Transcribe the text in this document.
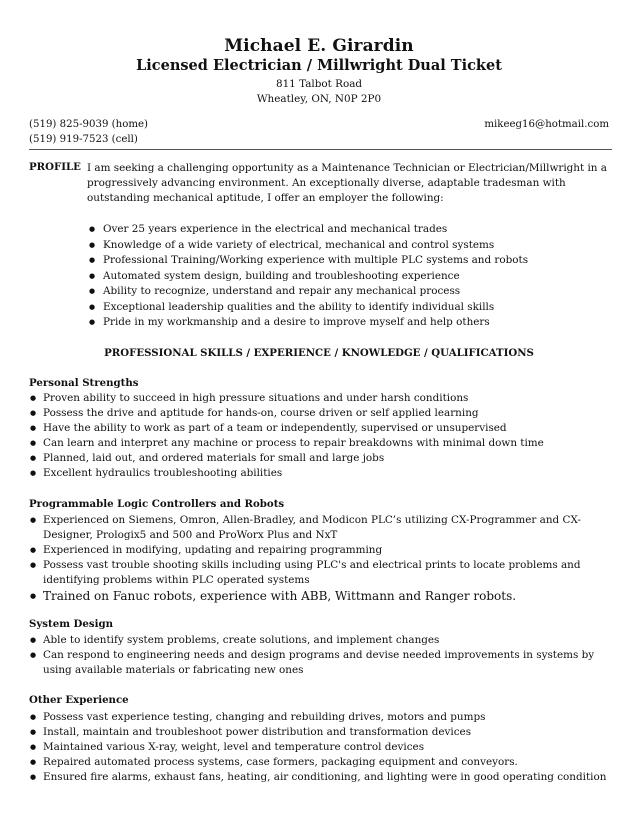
Michael E. Girardin
Licensed Electrician / Millwright Dual Ticket
811 Talbot Road
Wheatley, ON, N0P 2P0
(519) 825-9039 (home)	mikeeg16@hotmail.com
(519) 919-7523 (cell)
PROFILE I am seeking a challenging opportunity as a Maintenance Technician or Electrician/Millwright in a progressively advancing environment. An exceptionally diverse, adaptable tradesman with outstanding mechanical aptitude, I offer an employer the following:
● Over 25 years experience in the electrical and mechanical trades
● Knowledge of a wide variety of electrical, mechanical and control systems
● Professional Training/Working experience with multiple PLC systems and robots
● Automated system design, building and troubleshooting experience
● Ability to recognize, understand and repair any mechanical process
● Exceptional leadership qualities and the ability to identify individual skills
● Pride in my workmanship and a desire to improve myself and help others
PROFESSIONAL SKILLS / EXPERIENCE / KNOWLEDGE / QUALIFICATIONS
Personal Strengths
● Proven ability to succeed in high pressure situations and under harsh conditions
● Possess the drive and aptitude for hands-on, course driven or self applied learning
● Have the ability to work as part of a team or independently, supervised or unsupervised
● Can learn and interpret any machine or process to repair breakdowns with minimal down time
● Planned, laid out, and ordered materials for small and large jobs
● Excellent hydraulics troubleshooting abilities
Programmable Logic Controllers and Robots
● Experienced on Siemens, Omron, Allen-Bradley, and Modicon PLC’s utilizing CX-Programmer and CX-Designer, Prologix5 and 500 and ProWorx Plus and NxT
● Experienced in modifying, updating and repairing programming
● Possess vast trouble shooting skills including using PLC's and electrical prints to locate problems and identifying problems within PLC operated systems
● Trained on Fanuc robots, experience with ABB, Wittmann and Ranger robots.
System Design
● Able to identify system problems, create solutions, and implement changes
● Can respond to engineering needs and design programs and devise needed improvements in systems by using available materials or fabricating new ones
Other Experience
● Possess vast experience testing, changing and rebuilding drives, motors and pumps
● Install, maintain and troubleshoot power distribution and transformation devices
● Maintained various X-ray, weight, level and temperature control devices
● Repaired automated process systems, case formers, packaging equipment and conveyors.
● Ensured fire alarms, exhaust fans, heating, air conditioning, and lighting were in good operating condition
